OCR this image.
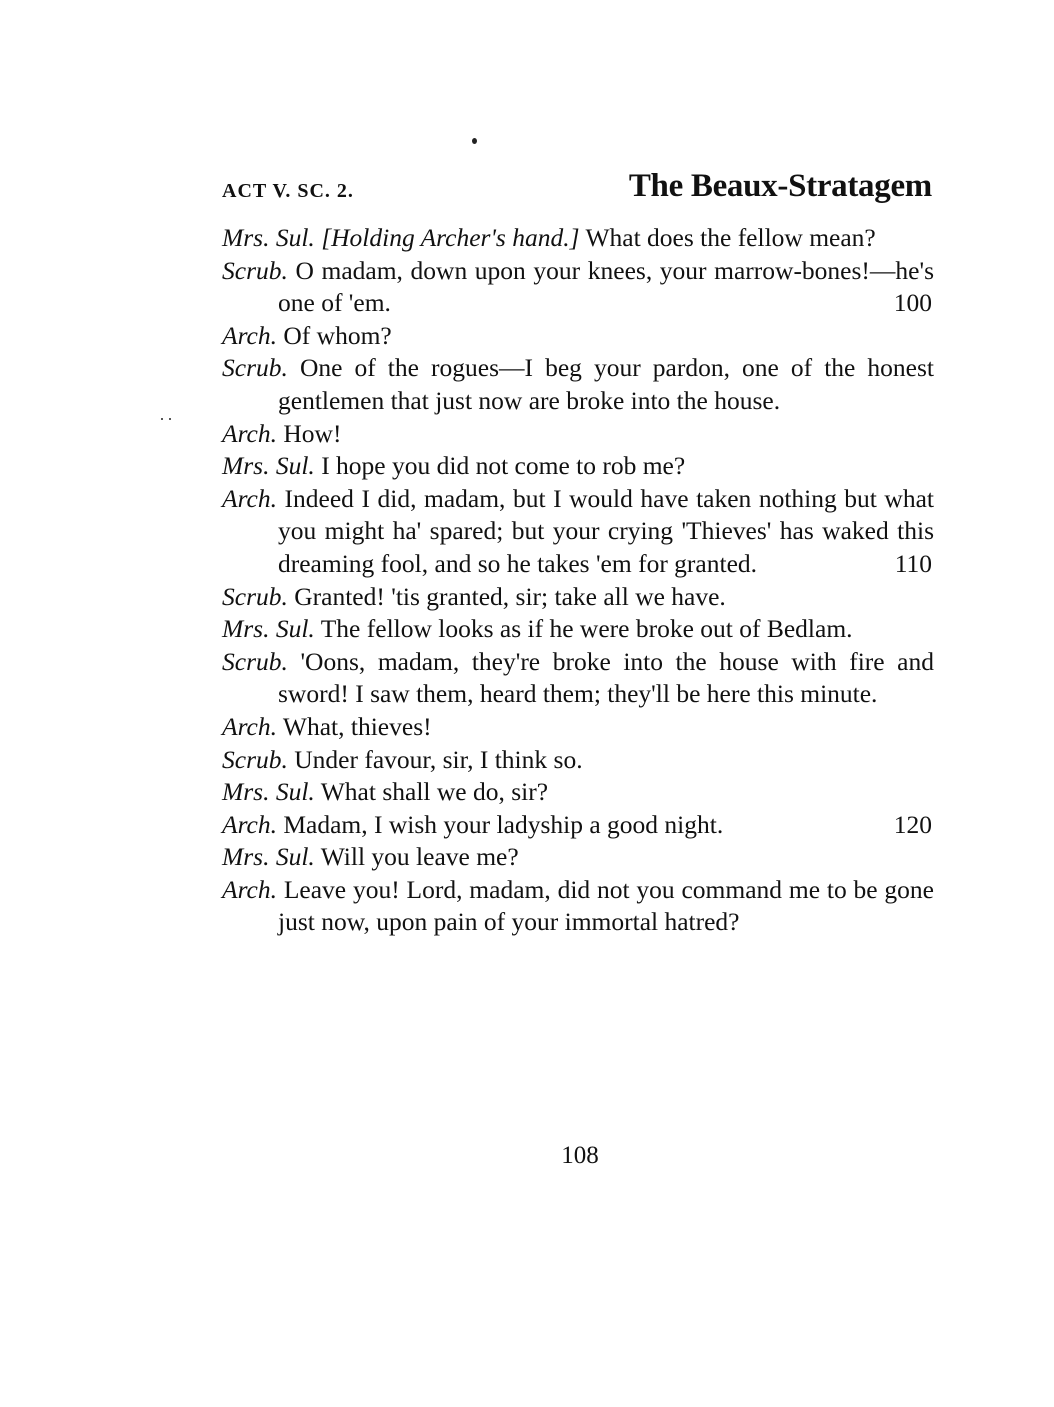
ACT V. SC. 2.	The Beaux-Stratagem

Mrs. Sul. [Holding Archer's hand.] What does the fellow mean?

Scrub. O madam, down upon your knees, your marrow-bones!—he's one of 'em.	100

Arch. Of whom?

Scrub. One of the rogues—I beg your pardon, one of the honest gentlemen that just now are broke into the house.

Arch. How!

Mrs. Sul. I hope you did not come to rob me?

Arch. Indeed I did, madam, but I would have taken nothing but what you might ha' spared; but your crying 'Thieves' has waked this dreaming fool, and so he takes 'em for granted.	110

Scrub. Granted! 'tis granted, sir; take all we have.

Mrs. Sul. The fellow looks as if he were broke out of Bedlam.

Scrub. 'Oons, madam, they're broke into the house with fire and sword! I saw them, heard them; they'll be here this minute.

Arch. What, thieves!

Scrub. Under favour, sir, I think so.

Mrs. Sul. What shall we do, sir?

Arch. Madam, I wish your ladyship a good night.	120

Mrs. Sul. Will you leave me?

Arch. Leave you! Lord, madam, did not you command me to be gone just now, upon pain of your immortal hatred?

108
